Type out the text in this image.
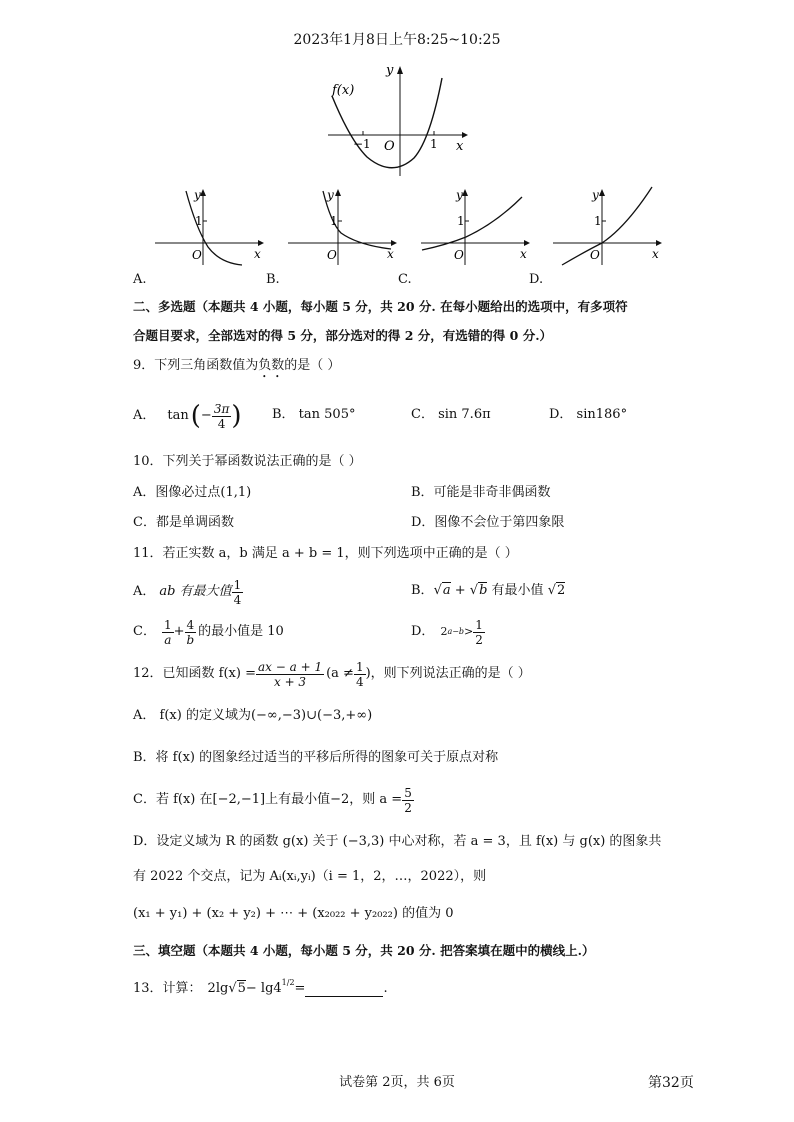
2023年1月8日上午8:25~10:25
f(x)
y
x
O
−1	1
y
x
O
1
y
x
O
1
y
x
O
1
y
x
O
1
A.	B.	C.	D.
二、多选题（本题共 4 小题，每小题 5 分，共 20 分. 在每小题给出的选项中，有多项符
合题目要求，全部选对的得 5 分，部分选对的得 2 分，有选错的得 0 分.）
9．下列三角函数值为负数的是（ ）
A． tan ( − $\frac{3\pi}{4}$ ) B． tan 505°	C． sin 7.6π	D． sin186°
10．下列关于幂函数说法正确的是（ ）
A．图像必过点(1,1)	B．可能是非奇非偶函数
C．都是单调函数	D．图像不会位于第四象限
11．若正实数 a，b 满足 a + b = 1，则下列选项中正确的是（ ）
A． ab 有最大值 $\frac{1}{4}$	B．√a + √b 有最小值 √2
C． $\frac{1}{a} + \frac{4}{b}$ 的最小值是 10	D． 2 $a-b > \frac{1}{2}$
12．已知函数 $f(x) = \frac{ax - a + 1}{x + 3} (a \ne \frac{1}{4}$ ) ，则下列说法正确的是（ ）
A． f(x) 的定义域为(−∞,−3)∪(−3,+∞)
B．将 f(x) 的图象经过适当的平移后所得的图象可关于原点对称
C．若 f(x) 在[−2,−1]上有最小值−2，则 $a = \frac{5}{2}$
D．设定义域为 R 的函数 g(x) 关于 (−3,3) 中心对称，若 a = 3，且 f(x) 与 g(x) 的图象共
有 2022 个交点，记为 Aᵢ(xᵢ,yᵢ)（i = 1，2，…，2022），则
(x₁ + y₁) + (x₂ + y₂) + ⋯ + (x₂₀₂₂ + y₂₀₂₂) 的值为 0
三、填空题（本题共 4 小题，每小题 5 分，共 20 分. 把答案填在题中的横线上.）
13．计算： 2lg √ $5 - \lg 4^{1/2}$ =	.
试卷第 2页，共 6页	第32页
